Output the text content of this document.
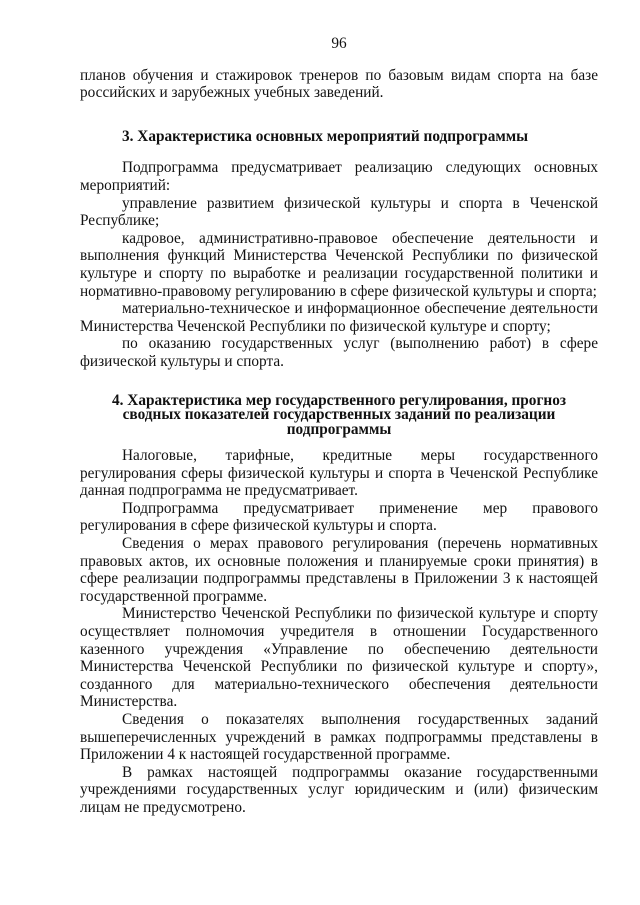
96

планов обучения и стажировок тренеров по базовым видам спорта на базе российских и зарубежных учебных заведений.

3. Характеристика основных мероприятий подпрограммы

Подпрограмма предусматривает реализацию следующих основных мероприятий:

управление развитием физической культуры и спорта в Чеченской Республике;

кадровое, административно-правовое обеспечение деятельности и выполнения функций Министерства Чеченской Республики по физической культуре и спорту по выработке и реализации государственной политики и нормативно-правовому регулированию в сфере физической культуры и спорта;

материально-техническое и информационное обеспечение деятельности Министерства Чеченской Республики по физической культуре и спорту;

по оказанию государственных услуг (выполнению работ) в сфере физической культуры и спорта.

4. Характеристика мер государственного регулирования, прогноз
сводных показателей государственных заданий по реализации
подпрограммы

Налоговые, тарифные, кредитные меры государственного регулирования сферы физической культуры и спорта в Чеченской Республике данная подпрограмма не предусматривает.

Подпрограмма предусматривает применение мер правового регулирования в сфере физической культуры и спорта.

Сведения о мерах правового регулирования (перечень нормативных правовых актов, их основные положения и планируемые сроки принятия) в сфере реализации подпрограммы представлены в Приложении 3 к настоящей государственной программе.

Министерство Чеченской Республики по физической культуре и спорту осуществляет полномочия учредителя в отношении Государственного казенного учреждения «Управление по обеспечению деятельности Министерства Чеченской Республики по физической культуре и спорту», созданного для материально-технического обеспечения деятельности Министерства.

Сведения о показателях выполнения государственных заданий вышеперечисленных учреждений в рамках подпрограммы представлены в Приложении 4 к настоящей государственной программе.

В рамках настоящей подпрограммы оказание государственными учреждениями государственных услуг юридическим и (или) физическим лицам не предусмотрено.
